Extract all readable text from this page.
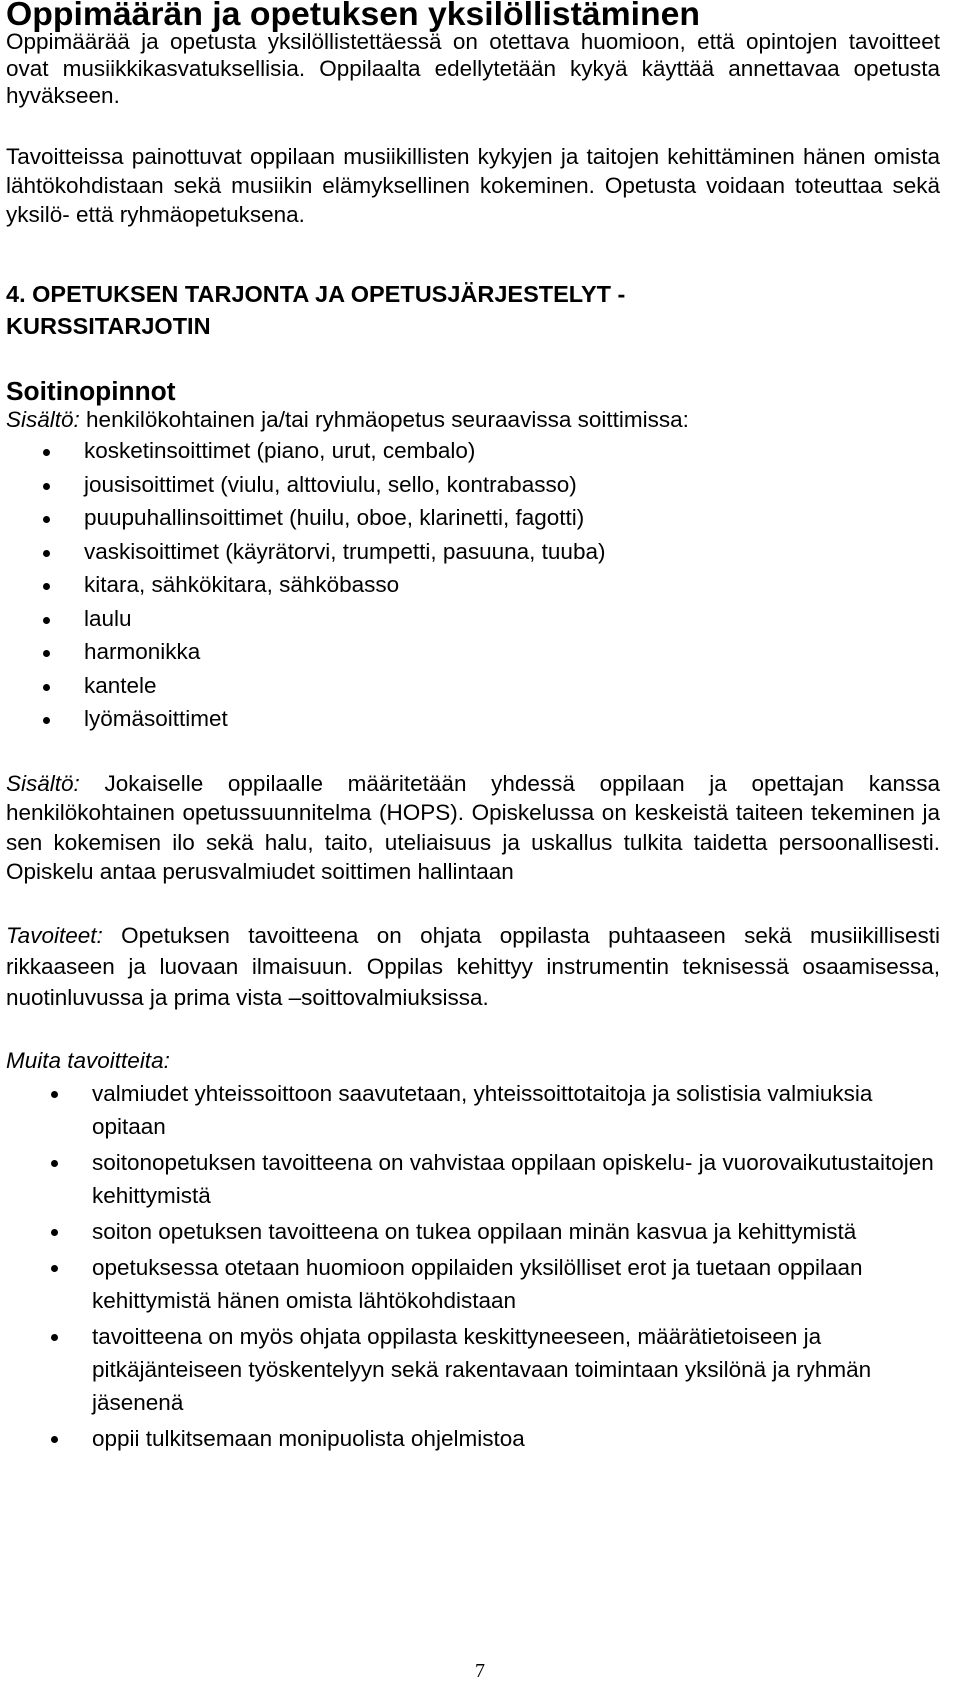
Oppimäärän ja opetuksen yksilöllistäminen

Oppimäärää ja opetusta yksilöllistettäessä on otettava huomioon, että opintojen tavoitteet ovat musiikkikasvatuksellisia. Oppilaalta edellytetään kykyä käyttää annettavaa opetusta hyväkseen.

Tavoitteissa painottuvat oppilaan musiikillisten kykyjen ja taitojen kehittäminen hänen omista lähtökohdistaan sekä musiikin elämyksellinen kokeminen. Opetusta voidaan toteuttaa sekä yksilö- että ryhmäopetuksena.

4. OPETUKSEN TARJONTA JA OPETUSJÄRJESTELYT -
KURSSITARJOTIN
Soitinopinnot

Sisältö: henkilökohtainen ja/tai ryhmäopetus seuraavissa soittimissa:

kosketinsoittimet (piano, urut, cembalo)
jousisoittimet (viulu, alttoviulu, sello, kontrabasso)
puupuhallinsoittimet (huilu, oboe, klarinetti, fagotti)
vaskisoittimet (käyrätorvi, trumpetti, pasuuna, tuuba)
kitara, sähkökitara, sähköbasso
laulu
harmonikka
kantele
lyömäsoittimet

Sisältö: Jokaiselle oppilaalle määritetään yhdessä oppilaan ja opettajan kanssa henkilökohtainen opetussuunnitelma (HOPS). Opiskelussa on keskeistä taiteen tekeminen ja sen kokemisen ilo sekä halu, taito, uteliaisuus ja uskallus tulkita taidetta persoonallisesti. Opiskelu antaa perusvalmiudet soittimen hallintaan

Tavoiteet: Opetuksen tavoitteena on ohjata oppilasta puhtaaseen sekä musiikillisesti rikkaaseen ja luovaan ilmaisuun. Oppilas kehittyy instrumentin teknisessä osaamisessa, nuotinluvussa ja prima vista –soittovalmiuksissa.

Muita tavoitteita:

valmiudet yhteissoittoon saavutetaan, yhteissoittotaitoja ja solistisia valmiuksia opitaan
soitonopetuksen tavoitteena on vahvistaa oppilaan opiskelu- ja vuorovaikutustaitojen kehittymistä
soiton opetuksen tavoitteena on tukea oppilaan minän kasvua ja kehittymistä
opetuksessa otetaan huomioon oppilaiden yksilölliset erot ja tuetaan oppilaan kehittymistä hänen omista lähtökohdistaan
tavoitteena on myös ohjata oppilasta keskittyneeseen, määrätietoiseen ja pitkäjänteiseen työskentelyyn sekä rakentavaan toimintaan yksilönä ja ryhmän jäsenenä
oppii tulkitsemaan monipuolista ohjelmistoa
7
